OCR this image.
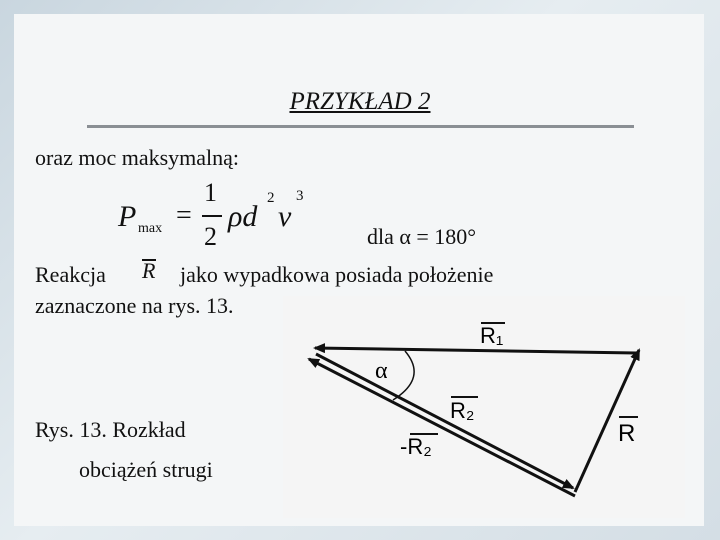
PRZYKŁAD 2
oraz moc maksymalną:
P max =
1
2
ρd
2
ν
3
dla α = 180°
Reakcja R jako wypadkowa posiada położenie
zaznaczone na rys. 13.
Rys. 13. Rozkład
obciążeń strugi
R₁
α
R₂
-R₂	R
